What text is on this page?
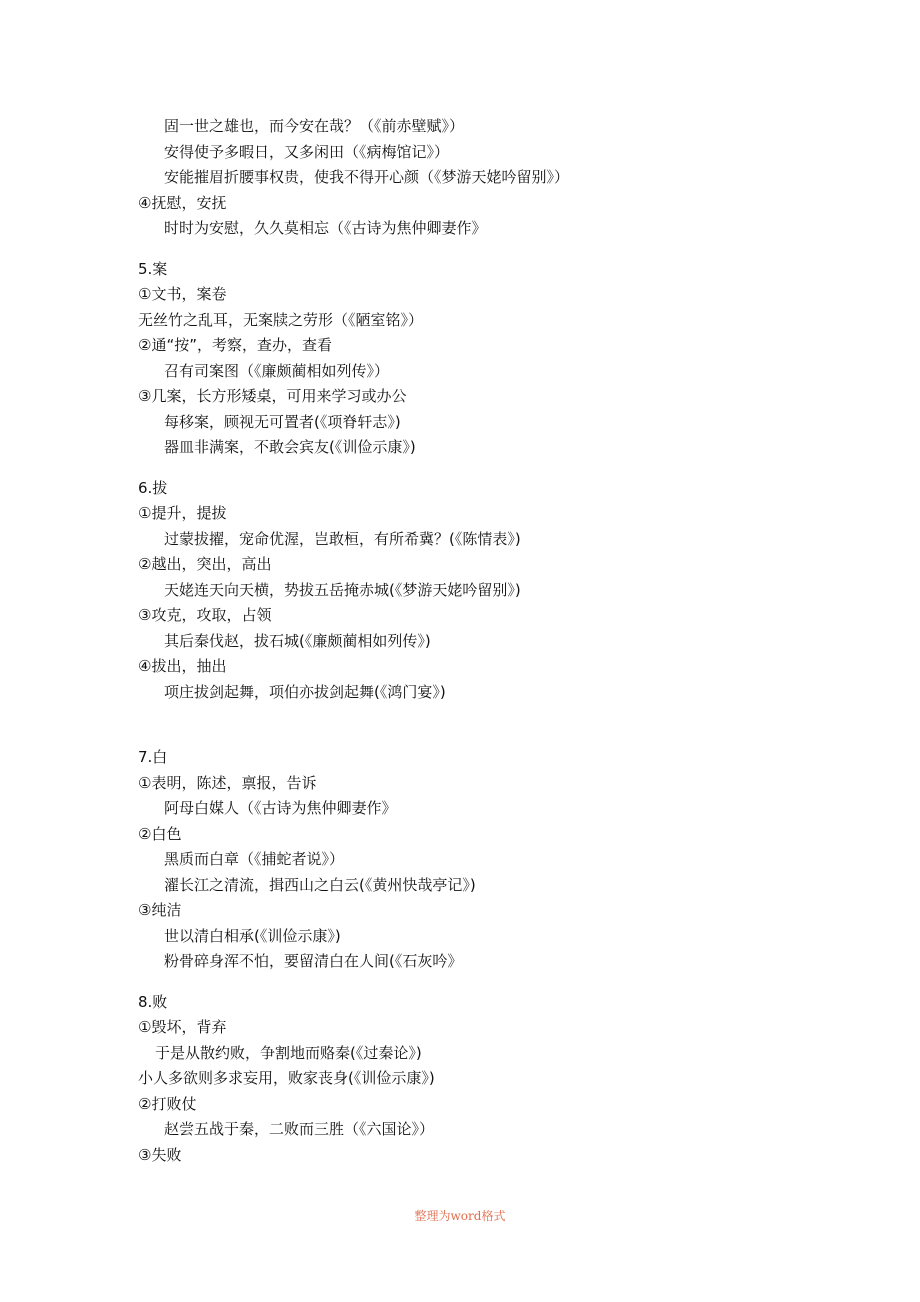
固一世之雄也，而今安在哉？（《前赤壁赋》）
安得使予多暇日，又多闲田（《病梅馆记》）
安能摧眉折腰事权贵，使我不得开心颜（《梦游天姥吟留别》）
④抚慰，安抚
时时为安慰，久久莫相忘（《古诗为焦仲卿妻作》
5.案
①文书，案卷
无丝竹之乱耳，无案牍之劳形（《陋室铭》）
②通“按”，考察，查办，查看
召有司案图（《廉颇蔺相如列传》）
③几案，长方形矮桌，可用来学习或办公
每移案，顾视无可置者(《项脊轩志》)
器皿非满案，不敢会宾友(《训俭示康》)
6.拔
①提升，提拔
过蒙拔擢，宠命优渥，岂敢桓，有所希冀？(《陈情表》)
②越出，突出，高出
天姥连天向天横，势拔五岳掩赤城(《梦游天姥吟留别》)
③攻克，攻取，占领
其后秦伐赵，拔石城(《廉颇蔺相如列传》)
④拔出，抽出
项庄拔剑起舞，项伯亦拔剑起舞(《鸿门宴》)
7.白
①表明，陈述，禀报，告诉
阿母白媒人（《古诗为焦仲卿妻作》
②白色
黑质而白章（《捕蛇者说》）
濯长江之清流，揖西山之白云(《黄州快哉亭记》)
③纯洁
世以清白相承(《训俭示康》)
粉骨碎身浑不怕，要留清白在人间(《石灰吟》
8.败
①毁坏，背弃
于是从散约败，争割地而赂秦(《过秦论》)
小人多欲则多求妄用，败家丧身(《训俭示康》)
②打败仗
赵尝五战于秦，二败而三胜（《六国论》）
③失败
整理为word格式
